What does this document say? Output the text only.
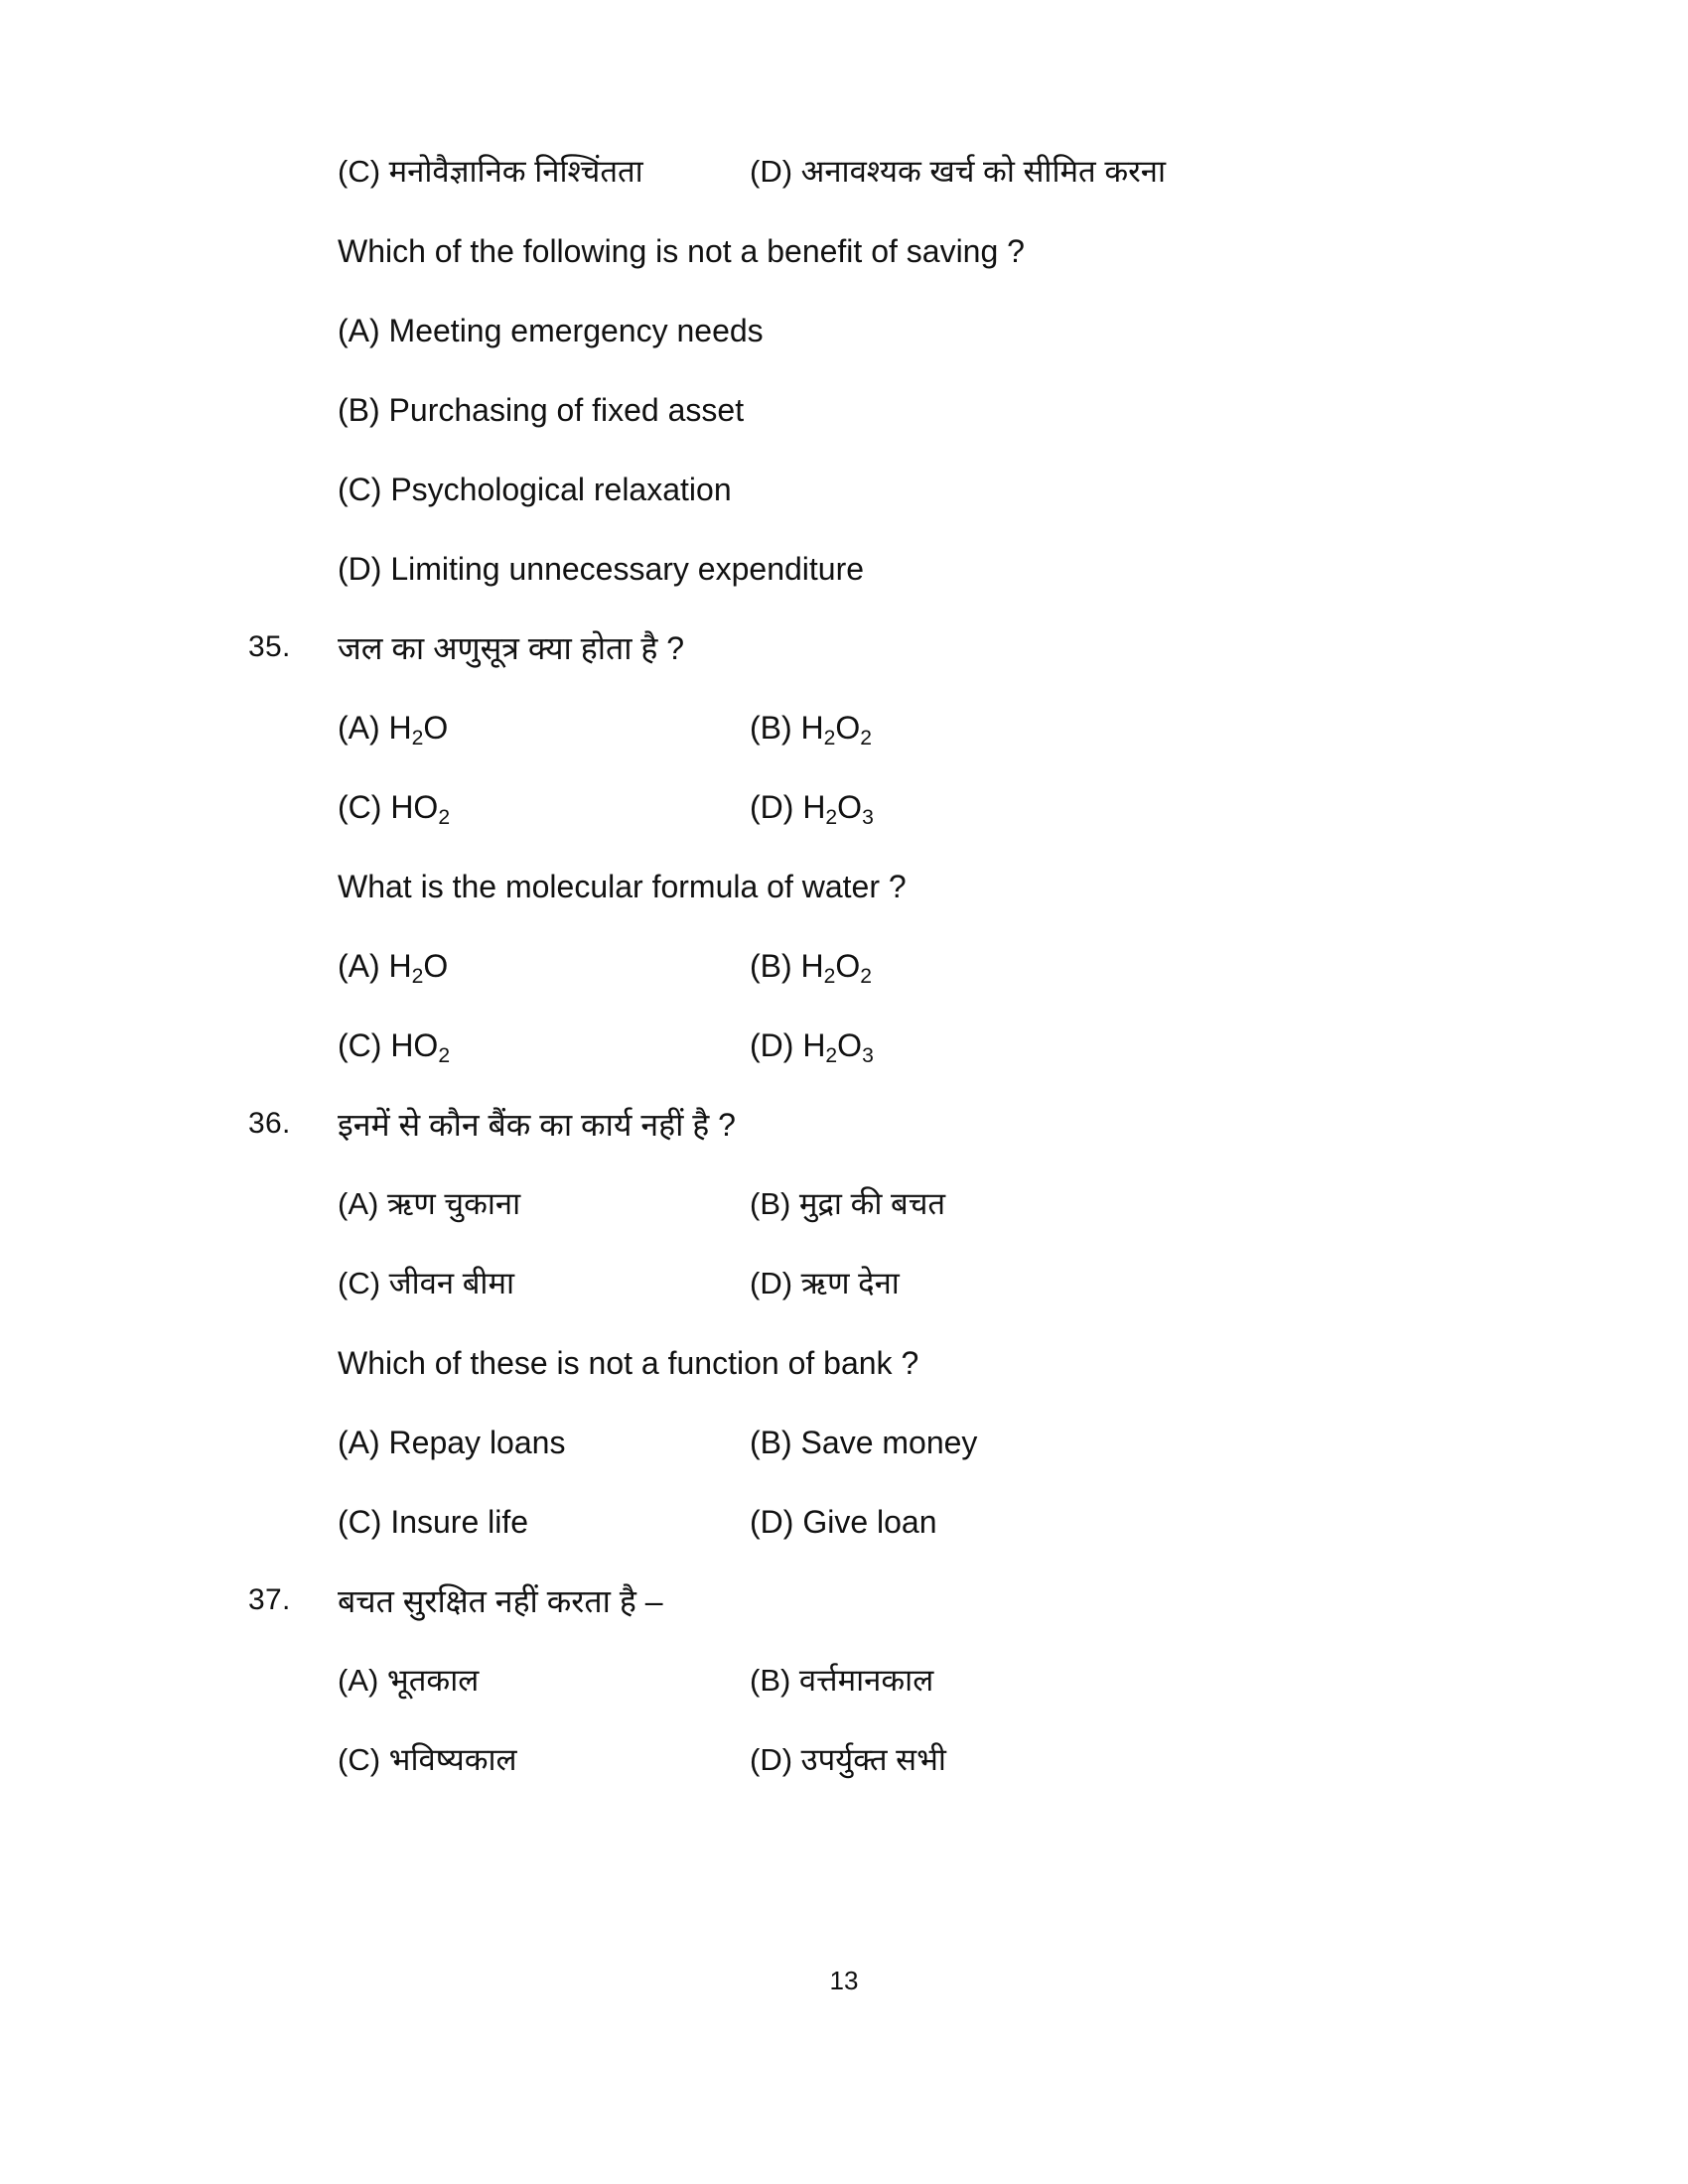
(C) मनोवैज्ञानिक निश्चिंतता	(D) अनावश्यक खर्च को सीमित करना
Which of the following is not a benefit of saving ?
(A) Meeting emergency needs
(B) Purchasing of fixed asset
(C) Psychological relaxation
(D) Limiting unnecessary expenditure
35.	जल का अणुसूत्र क्या होता है ?
(A) $H_2O$	(B) $H_2O_2$
(C) $HO_2$	(D) $H_2O_3$
What is the molecular formula of water ?
(A) $H_2O$	(B) $H_2O_2$
(C) $HO_2$	(D) $H_2O_3$
36.	इनमें से कौन बैंक का कार्य नहीं है ?
(A) ऋण चुकाना	(B) मुद्रा की बचत
(C) जीवन बीमा	(D) ऋण देना
Which of these is not a function of bank ?
(A) Repay loans	(B) Save money
(C) Insure life	(D) Give loan
37.	बचत सुरक्षित नहीं करता है –
(A) भूतकाल	(B) वर्त्तमानकाल
(C) भविष्यकाल	(D) उपर्युक्त सभी
13
